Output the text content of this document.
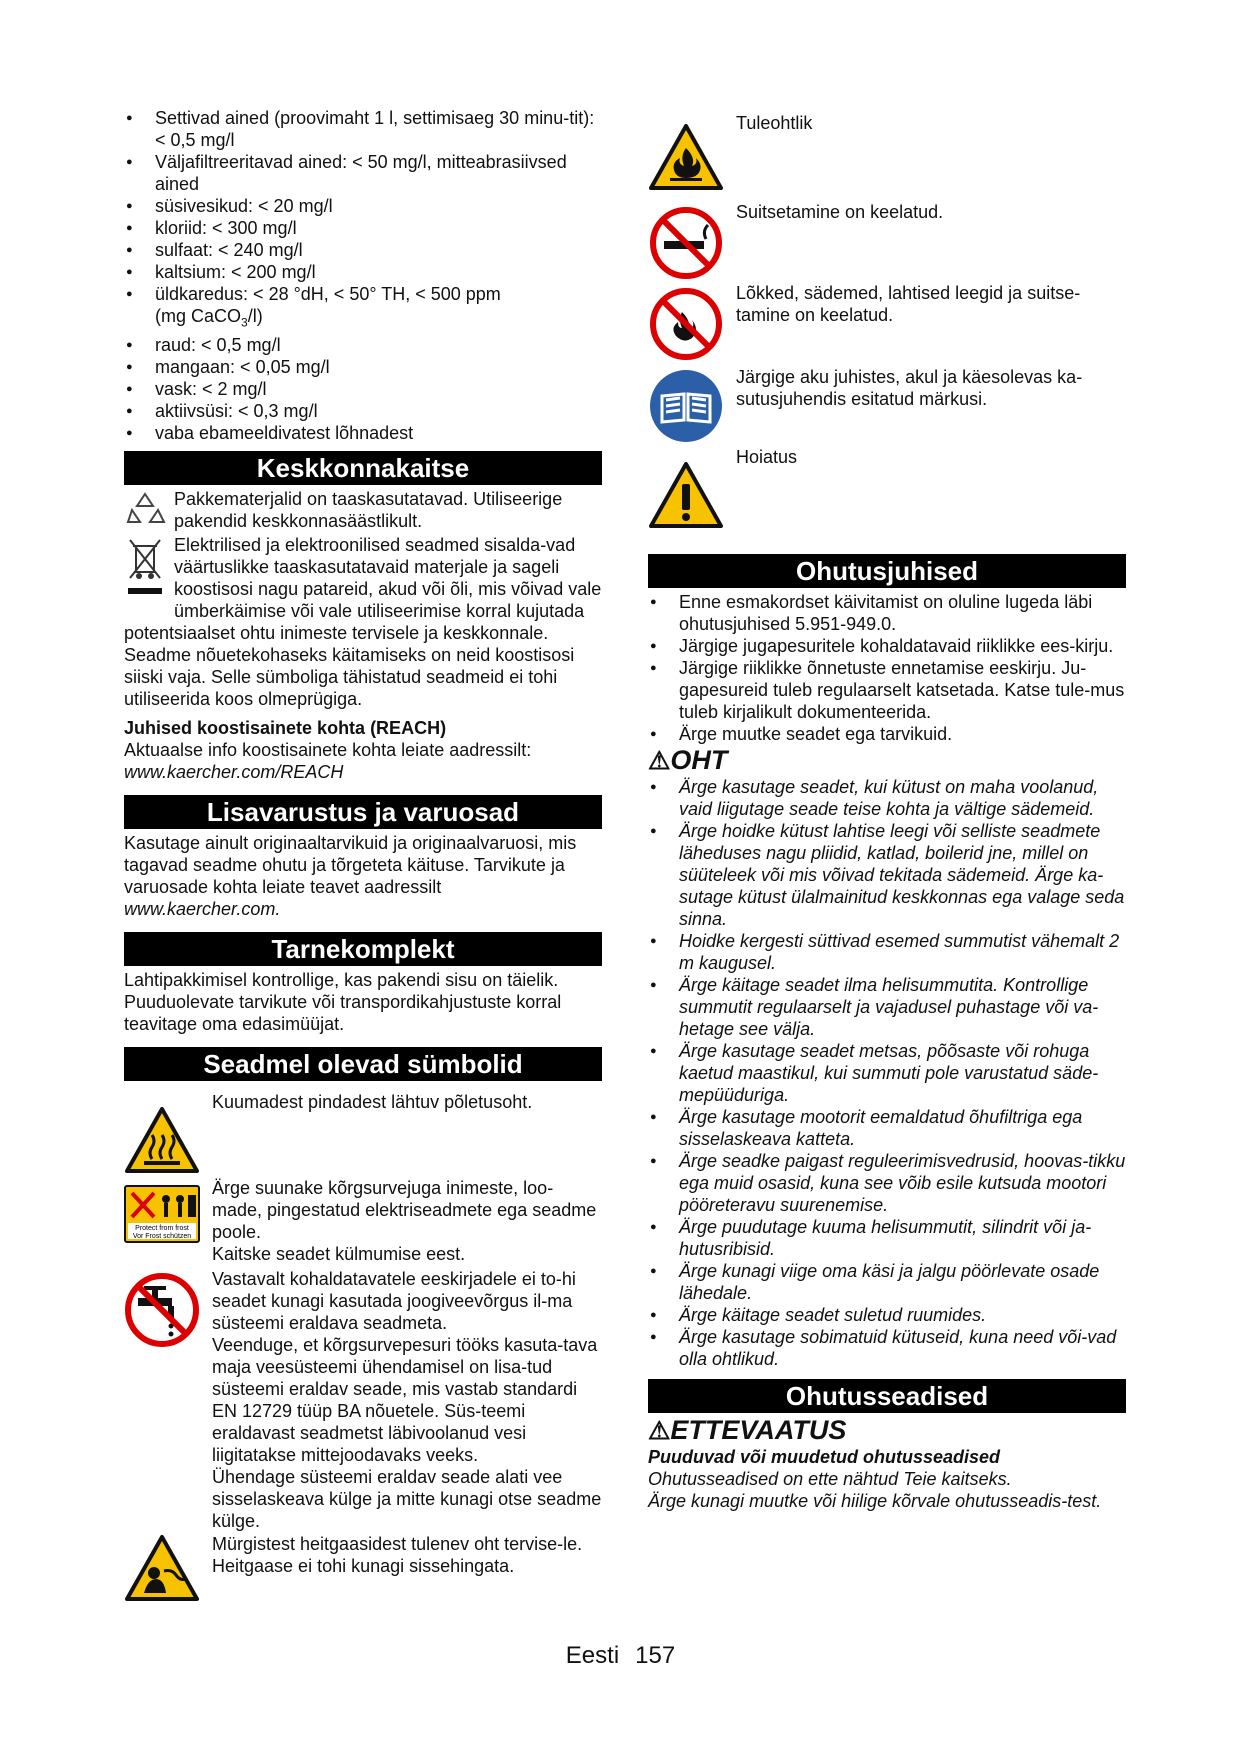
● Settivad ained (proovimaht 1 l, settimisaeg 30 minu-tit): < 0,5 mg/l
● Väljafiltreeritavad ained: < 50 mg/l, mitteabrasiivsed ained
● süsivesikud: < 20 mg/l
● kloriid: < 300 mg/l
● sulfaat: < 240 mg/l
● kaltsium: < 200 mg/l
● üldkaredus: < 28 °dH, < 50° TH, < 500 ppm
(mg CaCO$_3$/l)
● raud: < 0,5 mg/l
● mangaan: < 0,05 mg/l
● vask: < 2 mg/l
● aktiivsüsi: < 0,3 mg/l
● vaba ebameeldivatest lõhnadest
Keskkonnakaitse

Pakkematerjalid on taaskasutatavad. Utiliseerige pakendid keskkonnasäästlikult.

Elektrilised ja elektroonilised seadmed sisalda-vad väärtuslikke taaskasutatavaid materjale ja sageli koostisosi nagu patareid, akud või õli, mis võivad vale ümberkäimise või vale utiliseerimise korral kujutada potentsiaalset ohtu inimeste tervisele ja keskkonnale. Seadme nõuetekohaseks käitamiseks on neid koostisosi siiski vaja. Selle sümboliga tähistatud seadmeid ei tohi utiliseerida koos olmeprügiga.

Juhised koostisainete kohta (REACH)

Aktuaalse info koostisainete kohta leiate aadressilt:

www.kaercher.com/REACH

Lisavarustus ja varuosad

Kasutage ainult originaaltarvikuid ja originaalvaruosi, mis tagavad seadme ohutu ja tõrgeteta käituse. Tarvikute ja varuosade kohta leiate teavet aadressilt
www.kaercher.com.

Tarnekomplekt

Lahtipakkimisel kontrollige, kas pakendi sisu on täielik. Puuduolevate tarvikute või transpordikahjustuste korral teavitage oma edasimüüjat.

Seadmel olevad sümbolid

Kuumadest pindadest lähtuv põletusoht.

Protect from frost
Vor Frost schützen

Ärge suunake kõrgsurvejuga inimeste, loo-made, pingestatud elektriseadmete ega seadme poole.

Kaitske seadet külmumise eest.

Vastavalt kohaldatavatele eeskirjadele ei to-hi seadet kunagi kasutada joogiveevõrgus il-ma süsteemi eraldava seadmeta.

Veenduge, et kõrgsurvepesuri tööks kasuta-tava maja veesüsteemi ühendamisel on lisa-tud süsteemi eraldav seade, mis vastab standardi EN 12729 tüüp BA nõuetele. Süs-teemi eraldavast seadmetst läbivoolanud vesi liigitatakse mittejoodavaks veeks.

Ühendage süsteemi eraldav seade alati vee sisselaskeava külge ja mitte kunagi otse seadme külge.

Mürgistest heitgaasidest tulenev oht tervise-le. Heitgaase ei tohi kunagi sissehingata.

Tuleohtlik

Suitsetamine on keelatud.

Lõkked, sädemed, lahtised leegid ja suitse-tamine on keelatud.

Järgige aku juhistes, akul ja käesolevas ka-sutusjuhendis esitatud märkusi.

Hoiatus

Ohutusjuhised
● Enne esmakordset käivitamist on oluline lugeda läbi ohutusjuhised 5.951-949.0.
● Järgige jugapesuritele kohaldatavaid riiklikke ees-kirju.
● Järgige riiklikke õnnetuste ennetamise eeskirju. Ju-gapesureid tuleb regulaarselt katsetada. Katse tule-mus tuleb kirjalikult dokumenteerida.
● Ärge muutke seadet ega tarvikuid.
⚠OHT
● Ärge kasutage seadet, kui kütust on maha voolanud, vaid liigutage seade teise kohta ja vältige sädemeid.
● Ärge hoidke kütust lahtise leegi või selliste seadmete läheduses nagu pliidid, katlad, boilerid jne, millel on süüteleek või mis võivad tekitada sädemeid. Ärge ka-sutage kütust ülalmainitud keskkonnas ega valage seda sinna.
● Hoidke kergesti süttivad esemed summutist vähemalt 2 m kaugusel.
● Ärge käitage seadet ilma helisummutita. Kontrollige summutit regulaarselt ja vajadusel puhastage või va-hetage see välja.
● Ärge kasutage seadet metsas, põõsaste või rohuga kaetud maastikul, kui summuti pole varustatud säde-mepüüduriga.
● Ärge kasutage mootorit eemaldatud õhufiltriga ega sisselaskeava katteta.
● Ärge seadke paigast reguleerimisvedrusid, hoovas-tikku ega muid osasid, kuna see võib esile kutsuda mootori pööreteravu suurenemise.
● Ärge puudutage kuuma helisummutit, silindrit või ja-hutusribisid.
● Ärge kunagi viige oma käsi ja jalgu pöörlevate osade lähedale.
● Ärge käitage seadet suletud ruumides.
● Ärge kasutage sobimatuid kütuseid, kuna need või-vad olla ohtlikud.
Ohutusseadised
⚠ETTEVAATUS

Puuduvad või muudetud ohutusseadised

Ohutusseadised on ette nähtud Teie kaitseks.

Ärge kunagi muutke või hiilige kõrvale ohutusseadis-test.

Eesti 157
